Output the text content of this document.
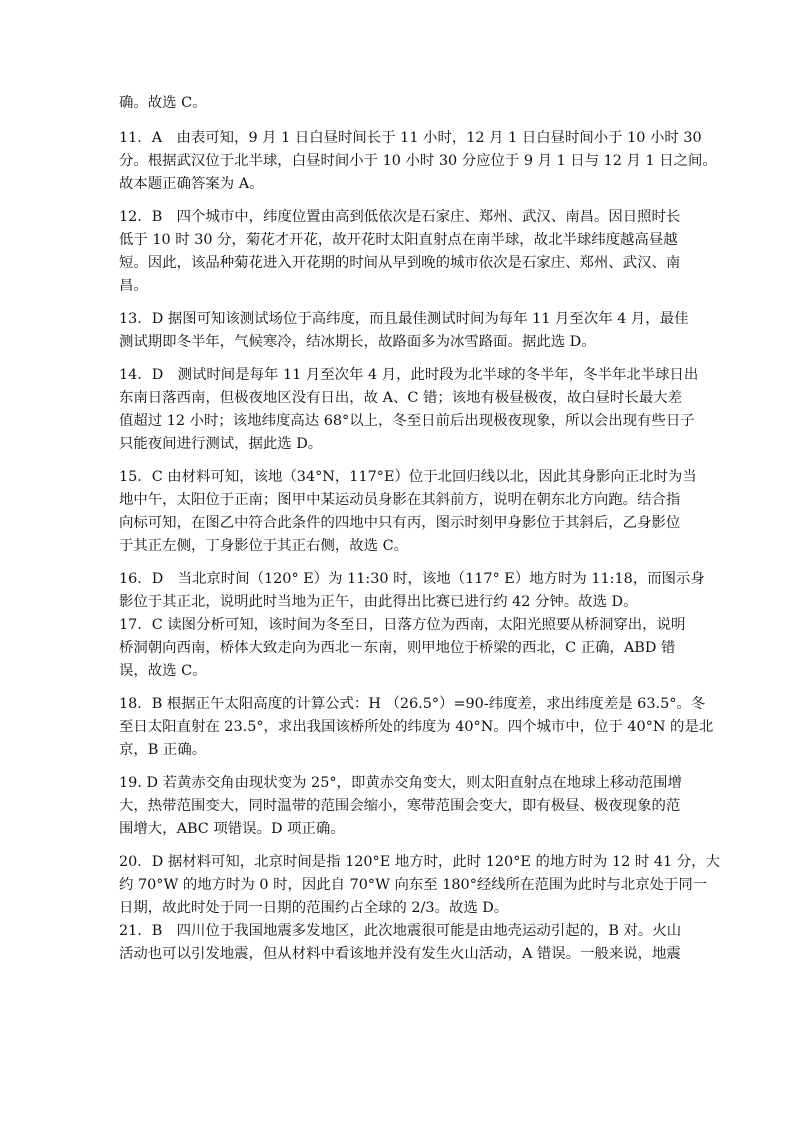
确。故选 C。

11．A　由表可知，9 月 1 日白昼时间长于 11 小时，12 月 1 日白昼时间小于 10 小时 30
分。根据武汉位于北半球，白昼时间小于 10 小时 30 分应位于 9 月 1 日与 12 月 1 日之间。
故本题正确答案为 A。

12．B　四个城市中，纬度位置由高到低依次是石家庄、郑州、武汉、南昌。因日照时长
低于 10 时 30 分，菊花才开花，故开花时太阳直射点在南半球，故北半球纬度越高昼越
短。因此，该品种菊花进入开花期的时间从早到晚的城市依次是石家庄、郑州、武汉、南
昌。

13．D 据图可知该测试场位于高纬度，而且最佳测试时间为每年 11 月至次年 4 月，最佳
测试期即冬半年，气候寒冷，结冰期长，故路面多为冰雪路面。据此选 D。

14．D　测试时间是每年 11 月至次年 4 月，此时段为北半球的冬半年，冬半年北半球日出
东南日落西南，但极夜地区没有日出，故 A、C 错；该地有极昼极夜，故白昼时长最大差
值超过 12 小时；该地纬度高达 68°以上，冬至日前后出现极夜现象，所以会出现有些日子
只能夜间进行测试，据此选 D。

15．C 由材料可知，该地（34°N，117°E）位于北回归线以北，因此其身影向正北时为当
地中午，太阳位于正南；图甲中某运动员身影在其斜前方，说明在朝东北方向跑。结合指
向标可知，在图乙中符合此条件的四地中只有丙，图示时刻甲身影位于其斜后，乙身影位
于其正左侧，丁身影位于其正右侧，故选 C。

16．D　当北京时间（120° E）为 11:30 时，该地（117° E）地方时为 11:18，而图示身
影位于其正北，说明此时当地为正午，由此得出比赛已进行约 42 分钟。故选 D。

17．C 读图分析可知，该时间为冬至日，日落方位为西南，太阳光照要从桥洞穿出，说明
桥洞朝向西南，桥体大致走向为西北－东南，则甲地位于桥梁的西北，C 正确，ABD 错
误，故选 C。

18．B 根据正午太阳高度的计算公式：H （26.5°）=90-纬度差，求出纬度差是 63.5°。冬
至日太阳直射在 23.5°，求出我国该桥所处的纬度为 40°N。四个城市中，位于 40°N 的是北
京，B 正确。

19. D 若黄赤交角由现状变为 25°，即黄赤交角变大，则太阳直射点在地球上移动范围增
大，热带范围变大，同时温带的范围会缩小，寒带范围会变大，即有极昼、极夜现象的范
围增大，ABC 项错误。D 项正确。

20．D 据材料可知，北京时间是指 120°E 地方时，此时 120°E 的地方时为 12 时 41 分，大
约 70°W 的地方时为 0 时，因此自 70°W 向东至 180°经线所在范围为此时与北京处于同一
日期，故此时处于同一日期的范围约占全球的 2/3。故选 D。

21．B　四川位于我国地震多发地区，此次地震很可能是由地壳运动引起的，B 对。火山
活动也可以引发地震，但从材料中看该地并没有发生火山活动，A 错误。一般来说，地震
